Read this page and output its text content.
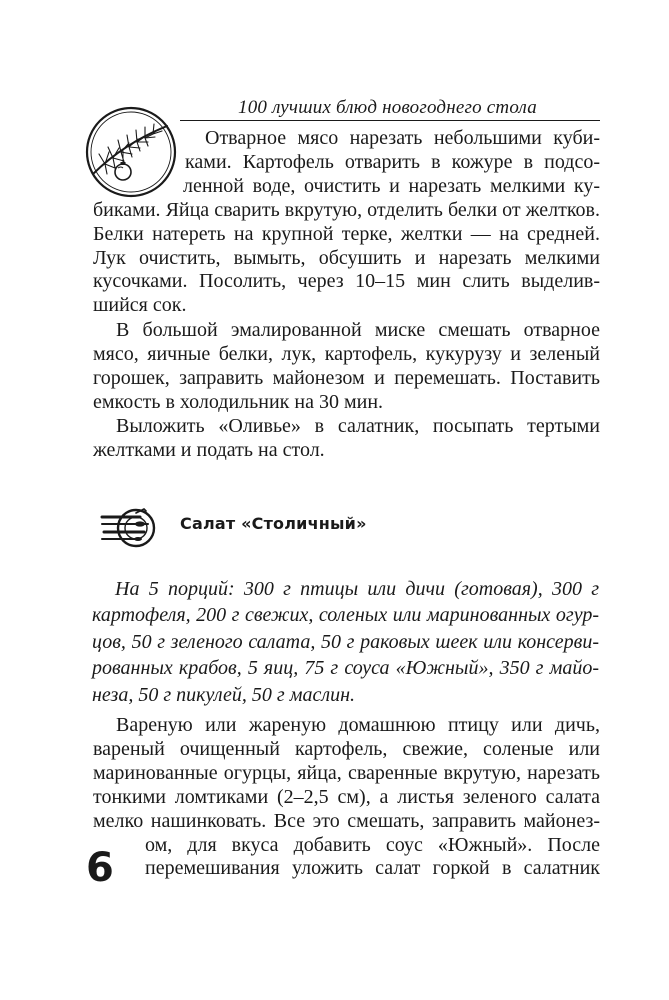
100 лучших блюд новогоднего стола
Отварное мясо нарезать небольшими куби-
ками. Картофель отварить в кожуре в подсо-
ленной воде, очистить и нарезать мелкими ку-
биками. Яйца сварить вкрутую, отделить белки от желтков.
Белки натереть на крупной терке, желтки — на средней.
Лук очистить, вымыть, обсушить и нарезать мелкими
кусочками. Посолить, через 10–15 мин слить выделив-
шийся сок.
В большой эмалированной миске смешать отварное
мясо, яичные белки, лук, картофель, кукурузу и зеленый
горошек, заправить майонезом и перемешать. Поставить
емкость в холодильник на 30 мин.
Выложить «Оливье» в салатник, посыпать тертыми
желтками и подать на стол.
Салат «Столичный»
На 5 порций: 300 г птицы или дичи (готовая), 300 г
картофеля, 200 г свежих, соленых или маринованных огур-
цов, 50 г зеленого салата, 50 г раковых шеек или консерви-
рованных крабов, 5 яиц, 75 г соуса «Южный», 350 г майо-
неза, 50 г пикулей, 50 г маслин.
Вареную или жареную домашнюю птицу или дичь,
вареный очищенный картофель, свежие, соленые или
маринованные огурцы, яйца, сваренные вкрутую, нарезать
тонкими ломтиками (2–2,5 см), а листья зеленого салата
мелко нашинковать. Все это смешать, заправить майонез-
ом, для вкуса добавить соус «Южный». После
перемешивания уложить салат горкой в салатник
6
